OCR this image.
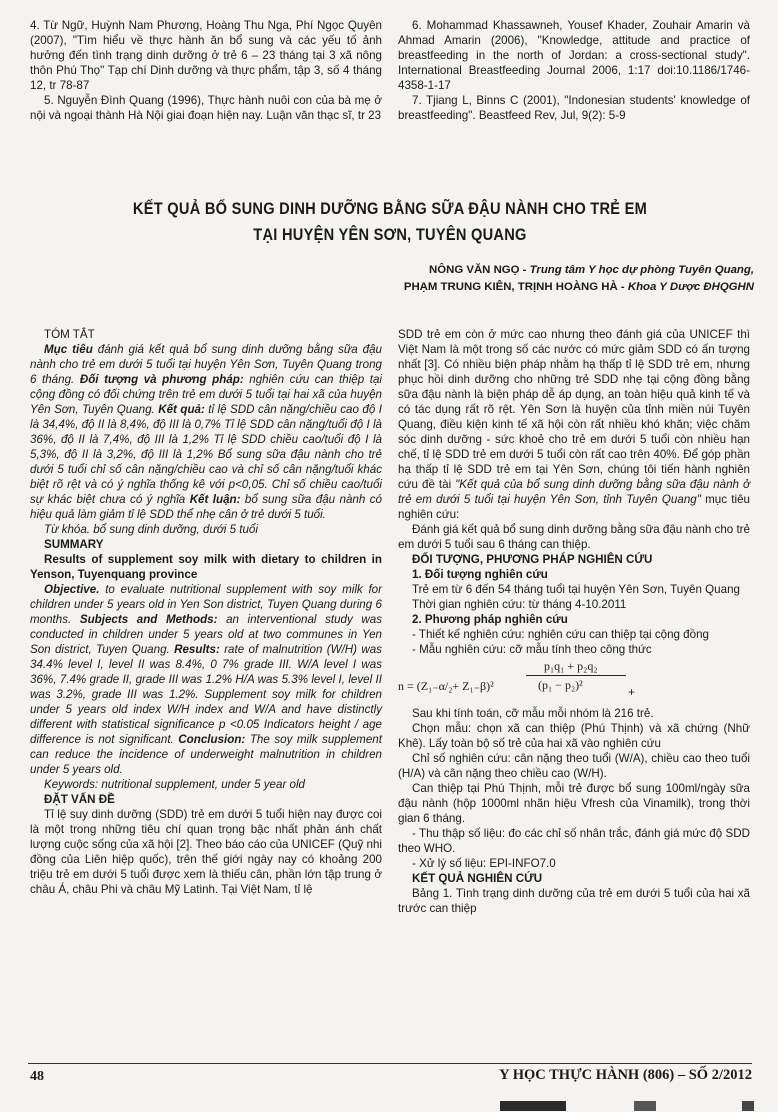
4. Từ Ngữ, Huỳnh Nam Phương, Hoàng Thu Nga, Phí Ngọc Quyên (2007), "Tìm hiểu về thực hành ăn bổ sung và các yếu tố ảnh hưởng đến tình trạng dinh dưỡng ở trẻ 6 – 23 tháng tại 3 xã nông thôn Phú Thọ" Tạp chí Dinh dưỡng và thực phẩm, tập 3, số 4 tháng 12, tr 78-87

5. Nguyễn Đình Quang (1996), Thực hành nuôi con của bà mẹ ở nội và ngoại thành Hà Nội giai đoạn hiện nay. Luận văn thạc sĩ, tr 23

6. Mohammad Khassawneh, Yousef Khader, Zouhair Amarin và Ahmad Amarin (2006), "Knowledge, attitude and practice of breastfeeding in the north of Jordan: a cross-sectional study". International Breastfeeding Journal 2006, 1:17 doi:10.1186/1746-4358-1-17

7. Tjiang L, Binns C (2001), "Indonesian students' knowledge of breastfeeding". Beastfeed Rev, Jul, 9(2): 5-9

KẾT QUẢ BỔ SUNG DINH DƯỠNG BẰNG SỮA ĐẬU NÀNH CHO TRẺ EM
TẠI HUYỆN YÊN SƠN, TUYÊN QUANG
NÔNG VĂN NGỌ - Trung tâm Y học dự phòng Tuyên Quang,
PHẠM TRUNG KIÊN, TRỊNH HOÀNG HÀ - Khoa Y Dược ĐHQGHN

TÓM TẮT

Mục tiêu đánh giá kết quả bổ sung dinh dưỡng bằng sữa đậu nành cho trẻ em dưới 5 tuổi tại huyện Yên Sơn, Tuyên Quang trong 6 tháng. Đối tượng và phương pháp: nghiên cứu can thiệp tại cộng đồng có đối chứng trên trẻ em dưới 5 tuổi tại hai xã của huyện Yên Sơn, Tuyên Quang. Kết quả: tỉ lệ SDD cân nặng/chiều cao độ I là 34,4%, độ II là 8,4%, độ III là 0,7% Tỉ lệ SDD cân nặng/tuổi độ I là 36%, độ II là 7,4%, độ III là 1,2% Tỉ lệ SDD chiều cao/tuổi độ I là 5,3%, độ II là 3,2%, độ III là 1,2% Bổ sung sữa đậu nành cho trẻ dưới 5 tuổi chỉ số cân nặng/chiều cao và chỉ số cân nặng/tuổi khác biệt rõ rệt và có ý nghĩa thống kê với p<0,05. Chỉ số chiều cao/tuổi sự khác biệt chưa có ý nghĩa Kết luận: bổ sung sữa đậu nành có hiệu quả làm giảm tỉ lệ SDD thể nhẹ cân ở trẻ dưới 5 tuổi.

Từ khóa. bổ sung dinh dưỡng, dưới 5 tuổi

SUMMARY

Results of supplement soy milk with dietary to children in Yenson, Tuyenquang province

Objective. to evaluate nutritional supplement with soy milk for children under 5 years old in Yen Son district, Tuyen Quang during 6 months. Subjects and Methods: an interventional study was conducted in children under 5 years old at two communes in Yen Son district, Tuyen Quang. Results: rate of malnutrition (W/H) was 34.4% level I, level II was 8.4%, 0 7% grade III. W/A level I was 36%, 7.4% grade II, grade III was 1.2% H/A was 5.3% level I, level II was 3.2%, grade III was 1.2%. Supplement soy milk for children under 5 years old index W/H index and W/A and have distinctly different with statistical significance p <0.05 Indicators height / age difference is not significant. Conclusion: The soy milk supplement can reduce the incidence of underweight malnutrition in children under 5 years old.

Keywords: nutritional supplement, under 5 year old

ĐẶT VẤN ĐỀ

Tỉ lệ suy dinh dưỡng (SDD) trẻ em dưới 5 tuổi hiện nay được coi là một trong những tiêu chí quan trọng bậc nhất phản ánh chất lượng cuộc sống của xã hội [2]. Theo báo cáo của UNICEF (Quỹ nhi đồng của Liên hiệp quốc), trên thế giới ngày nay có khoảng 200 triệu trẻ em dưới 5 tuổi được xem là thiếu cân, phần lớn tập trung ở châu Á, châu Phi và châu Mỹ Latinh. Tại Việt Nam, tỉ lệ

SDD trẻ em còn ở mức cao nhưng theo đánh giá của UNICEF thì Việt Nam là một trong số các nước có mức giảm SDD có ấn tượng nhất [3]. Có nhiều biện pháp nhằm hạ thấp tỉ lệ SDD trẻ em, nhưng phục hồi dinh dưỡng cho những trẻ SDD nhẹ tại cộng đồng bằng sữa đậu nành là biện pháp dễ áp dụng, an toàn hiệu quả kinh tế và có tác dụng rất rõ rệt. Yên Sơn là huyện của tỉnh miền núi Tuyên Quang, điều kiện kinh tế xã hội còn rất nhiều khó khăn; việc chăm sóc dinh dưỡng - sức khoẻ cho trẻ em dưới 5 tuổi còn nhiều hạn chế, tỉ lệ SDD trẻ em dưới 5 tuổi còn rất cao trên 40%. Để góp phần hạ thấp tỉ lệ SDD trẻ em tại Yên Sơn, chúng tôi tiến hành nghiên cứu đề tài "Kết quả của bổ sung dinh dưỡng bằng sữa đậu nành ở trẻ em dưới 5 tuổi tại huyện Yên Sơn, tỉnh Tuyên Quang" mục tiêu nghiên cứu:

Đánh giá kết quả bổ sung dinh dưỡng bằng sữa đậu nành cho trẻ em dưới 5 tuổi sau 6 tháng can thiệp.

ĐỐI TƯỢNG, PHƯƠNG PHÁP NGHIÊN CỨU

1. Đối tượng nghiên cứu

Trẻ em từ 6 đến 54 tháng tuổi tại huyện Yên Sơn, Tuyên Quang

Thời gian nghiên cứu: từ tháng 4-10.2011

2. Phương pháp nghiên cứu

- Thiết kế nghiên cứu: nghiên cứu can thiệp tại cộng đồng

- Mẫu nghiên cứu: cỡ mẫu tính theo công thức

p₁q₁ + p₂q₂
n = (Z₁₋α/₂+ Z₁₋β)²	(p₁ − p₂)²	+

Sau khi tính toán, cỡ mẫu mỗi nhóm là 216 trẻ.

Chọn mẫu: chọn xã can thiệp (Phú Thịnh) và xã chứng (Nhữ Khê). Lấy toàn bộ số trẻ của hai xã vào nghiên cứu

Chỉ số nghiên cứu: cân nặng theo tuổi (W/A), chiều cao theo tuổi (H/A) và cân nặng theo chiều cao (W/H).

Can thiệp tại Phú Thịnh, mỗi trẻ được bổ sung 100ml/ngày sữa đậu nành (hộp 1000ml nhãn hiệu Vfresh của Vinamilk), trong thời gian 6 tháng.

- Thu thập số liệu: đo các chỉ số nhân trắc, đánh giá mức độ SDD theo WHO.

- Xử lý số liệu: EPI-INFO7.0

KẾT QUẢ NGHIÊN CỨU

Bảng 1. Tình trạng dinh dưỡng của trẻ em dưới 5 tuổi của hai xã trước can thiệp

48	Y HỌC THỰC HÀNH (806) – SỐ 2/2012
